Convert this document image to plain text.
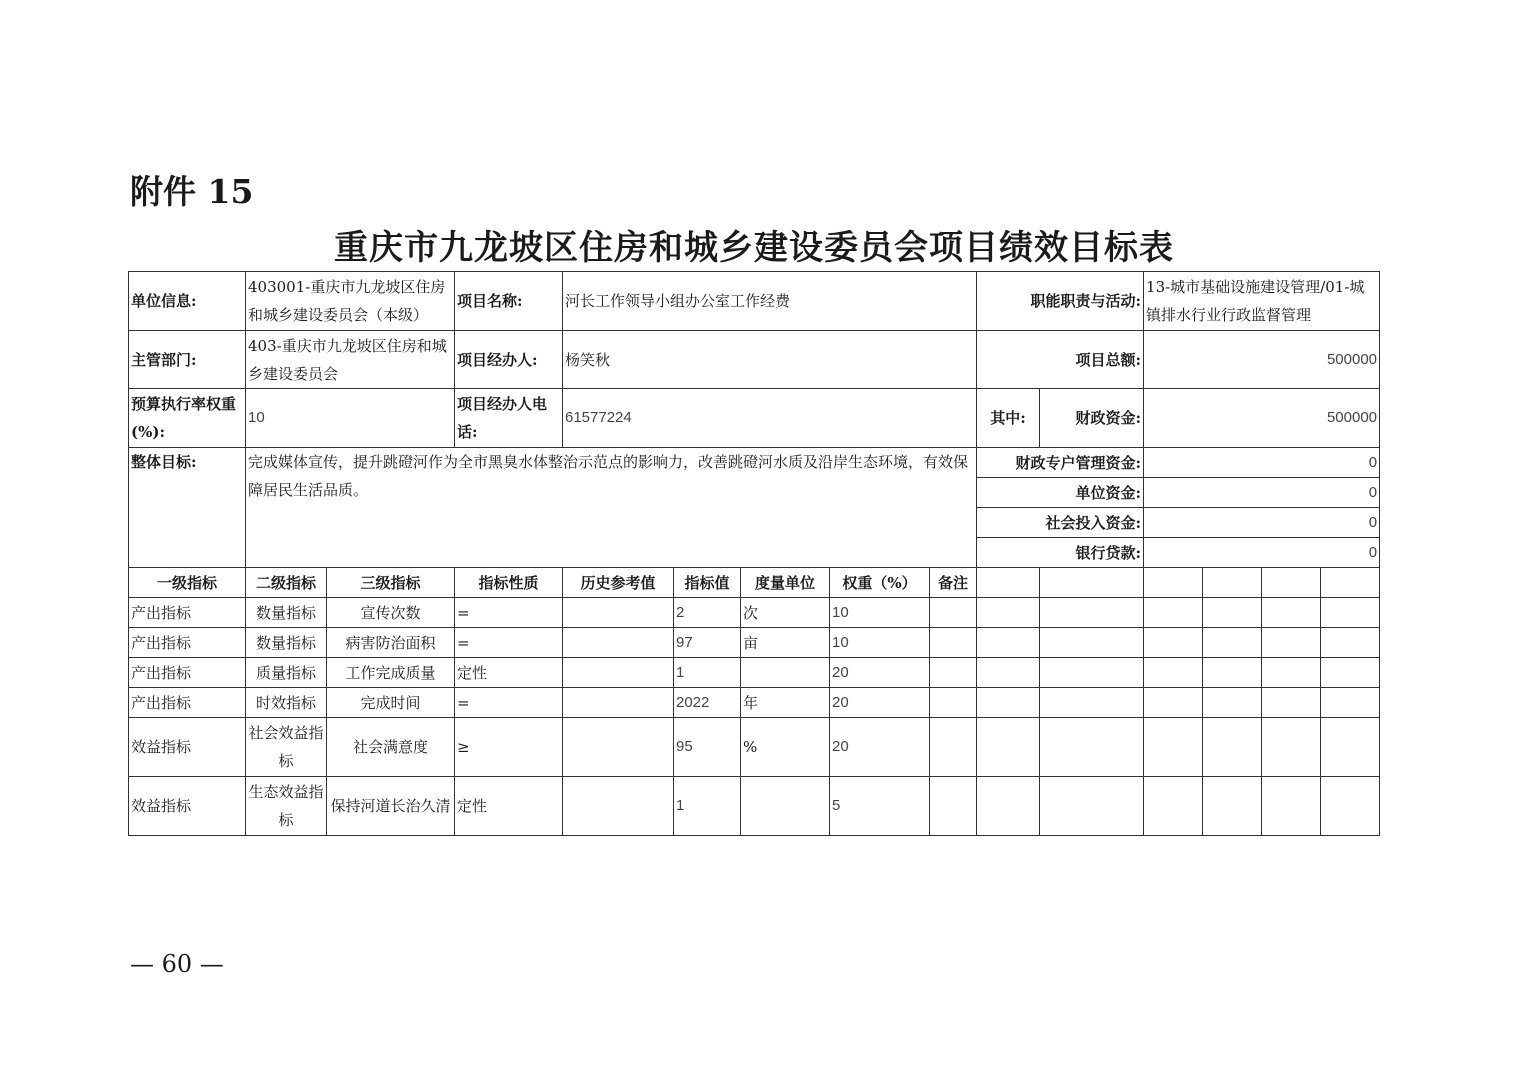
附件 15
重庆市九龙坡区住房和城乡建设委员会项目绩效目标表
单位信息:	403001-重庆市九龙坡区住房和城乡建设委员会（本级）		项目名称:	河长工作领导小组办公室工作经费					职能职责与活动:		13-城市基础设施建设管理/01-城镇排水行业行政监督管理			
主管部门:	403-重庆市九龙坡区住房和城乡建设委员会		项目经办人:	杨笑秋					项目总额:		500000			
预算执行率权重(%):	10		项目经办人电话:	61577224					其中:	财政资金:	500000			
整体目标:	完成媒体宣传，提升跳磴河作为全市黑臭水体整治示范点的影响力，改善跳磴河水质及沿岸生态环境，有效保障居民生活品质。								财政专户管理资金:		0			
									单位资金:		0			
									社会投入资金:		0			
									银行贷款:		0			
一级指标	二级指标	三级指标	指标性质	历史参考值	指标值	度量单位	权重（%）	备注						
产出指标	数量指标	宣传次数	=		2	次	10							
产出指标	数量指标	病害防治面积	=		97	亩	10							
产出指标	质量指标	工作完成质量	定性		1		20							
产出指标	时效指标	完成时间	=		2022	年	20							
效益指标	社会效益指标	社会满意度	≥		95	%	20							
效益指标	生态效益指标	保持河道长治久清	定性		1		5							
— 60 —
